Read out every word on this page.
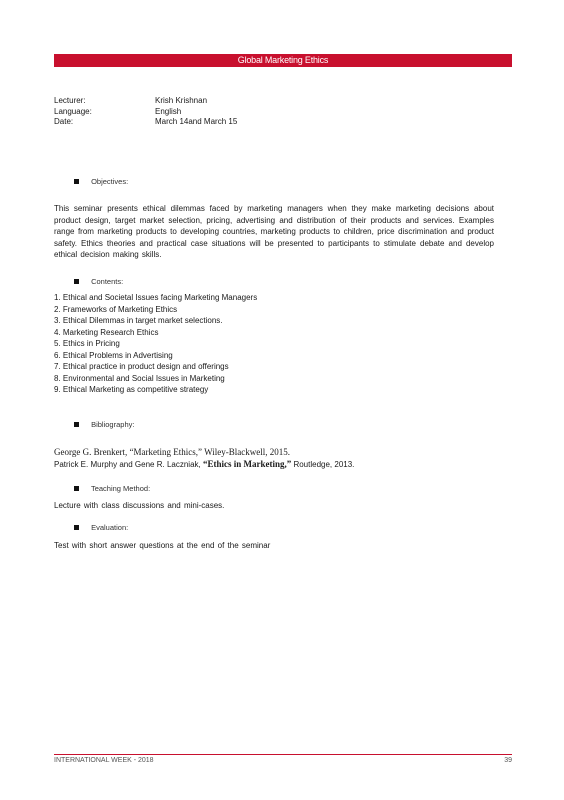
Global Marketing Ethics
Lecturer:	Krish Krishnan
Language:	English
Date:	March 14and March 15
Objectives:
This seminar presents ethical dilemmas faced by marketing managers when they make marketing decisions about product design, target market selection, pricing, advertising and distribution of their products and services. Examples range from marketing products to developing countries, marketing products to children, price discrimination and product safety. Ethics theories and practical case situations will be presented to participants to stimulate debate and develop ethical decision making skills.
Contents:
1. Ethical and Societal Issues facing Marketing Managers
2. Frameworks of Marketing Ethics
3. Ethical Dilemmas in target market selections.
4. Marketing Research Ethics
5. Ethics in Pricing
6. Ethical Problems in Advertising
7. Ethical practice in product design and offerings
8. Environmental and Social Issues in Marketing
9. Ethical Marketing as competitive strategy
Bibliography:
George G. Brenkert, “Marketing Ethics,” Wiley-Blackwell, 2015.
Patrick E. Murphy and Gene R. Laczniak, “Ethics in Marketing,” Routledge, 2013.
Teaching Method:
Lecture with class discussions and mini-cases.
Evaluation:
Test with short answer questions at the end of the seminar
INTERNATIONAL WEEK - 2018	39
